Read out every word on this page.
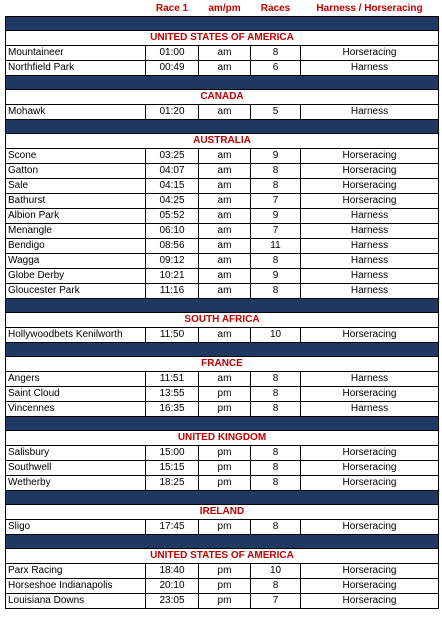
	Race 1	am/pm	Races	Harness / Horseracing

UNITED STATES OF AMERICA				
Mountaineer	01:00	am	8	Horseracing
Northfield Park	00:49	am	6	Harness

CANADA				
Mohawk	01:20	am	5	Harness

AUSTRALIA				
Scone	03:25	am	9	Horseracing
Gatton	04:07	am	8	Horseracing
Sale	04:15	am	8	Horseracing
Bathurst	04:25	am	7	Horseracing
Albion Park	05:52	am	9	Harness
Menangle	06:10	am	7	Harness
Bendigo	08:56	am	11	Harness
Wagga	09:12	am	8	Harness
Globe Derby	10:21	am	9	Harness
Gloucester Park	11:16	am	8	Harness

SOUTH AFRICA				
Hollywoodbets Kenilworth	11:50	am	10	Horseracing

FRANCE				
Angers	11:51	am	8	Harness
Saint Cloud	13:55	pm	8	Horseracing
Vincennes	16:35	pm	8	Harness

UNITED KINGDOM				
Salisbury	15:00	pm	8	Horseracing
Southwell	15:15	pm	8	Horseracing
Wetherby	18:25	pm	8	Horseracing

IRELAND				
Sligo	17:45	pm	8	Horseracing

UNITED STATES OF AMERICA				
Parx Racing	18:40	pm	10	Horseracing
Horseshoe Indianapolis	20:10	pm	8	Horseracing
Louisiana Downs	23:05	pm	7	Horseracing
